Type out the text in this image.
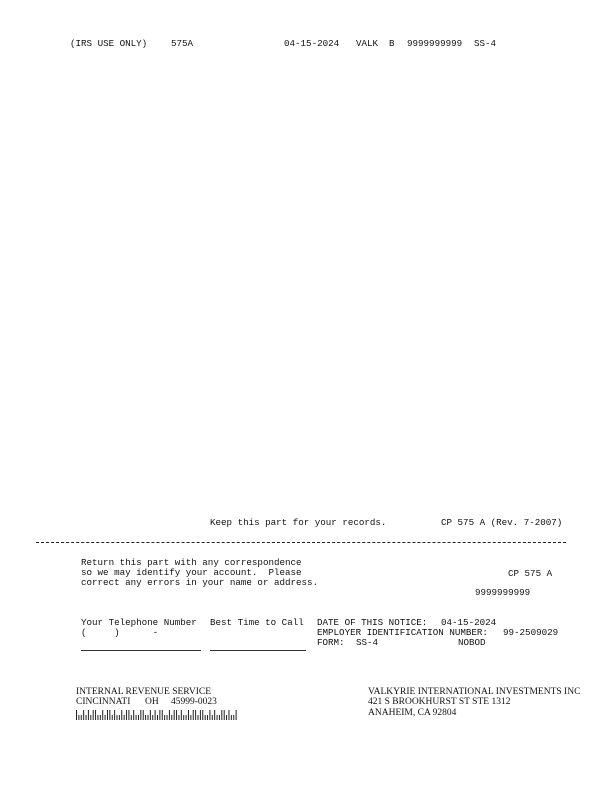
(IRS USE ONLY)	575A	04-15-2024 VALK B 9999999999 SS-4
Keep this part for your records.	CP 575 A (Rev. 7-2007)
Return this part with any correspondence
so we may identify your account.  Please
correct any errors in your name or address.
CP 575 A
9999999999
Your Telephone Number Best Time to Call
(     )      -
DATE OF THIS NOTICE: 04-15-2024
EMPLOYER IDENTIFICATION NUMBER: 99-2509029
FORM: SS-4	NOBOD
INTERNAL REVENUE SERVICE
CINCINNATI OH 45999-0023
VALKYRIE INTERNATIONAL INVESTMENTS INC
421 S BROOKHURST ST STE 1312
ANAHEIM, CA 92804
